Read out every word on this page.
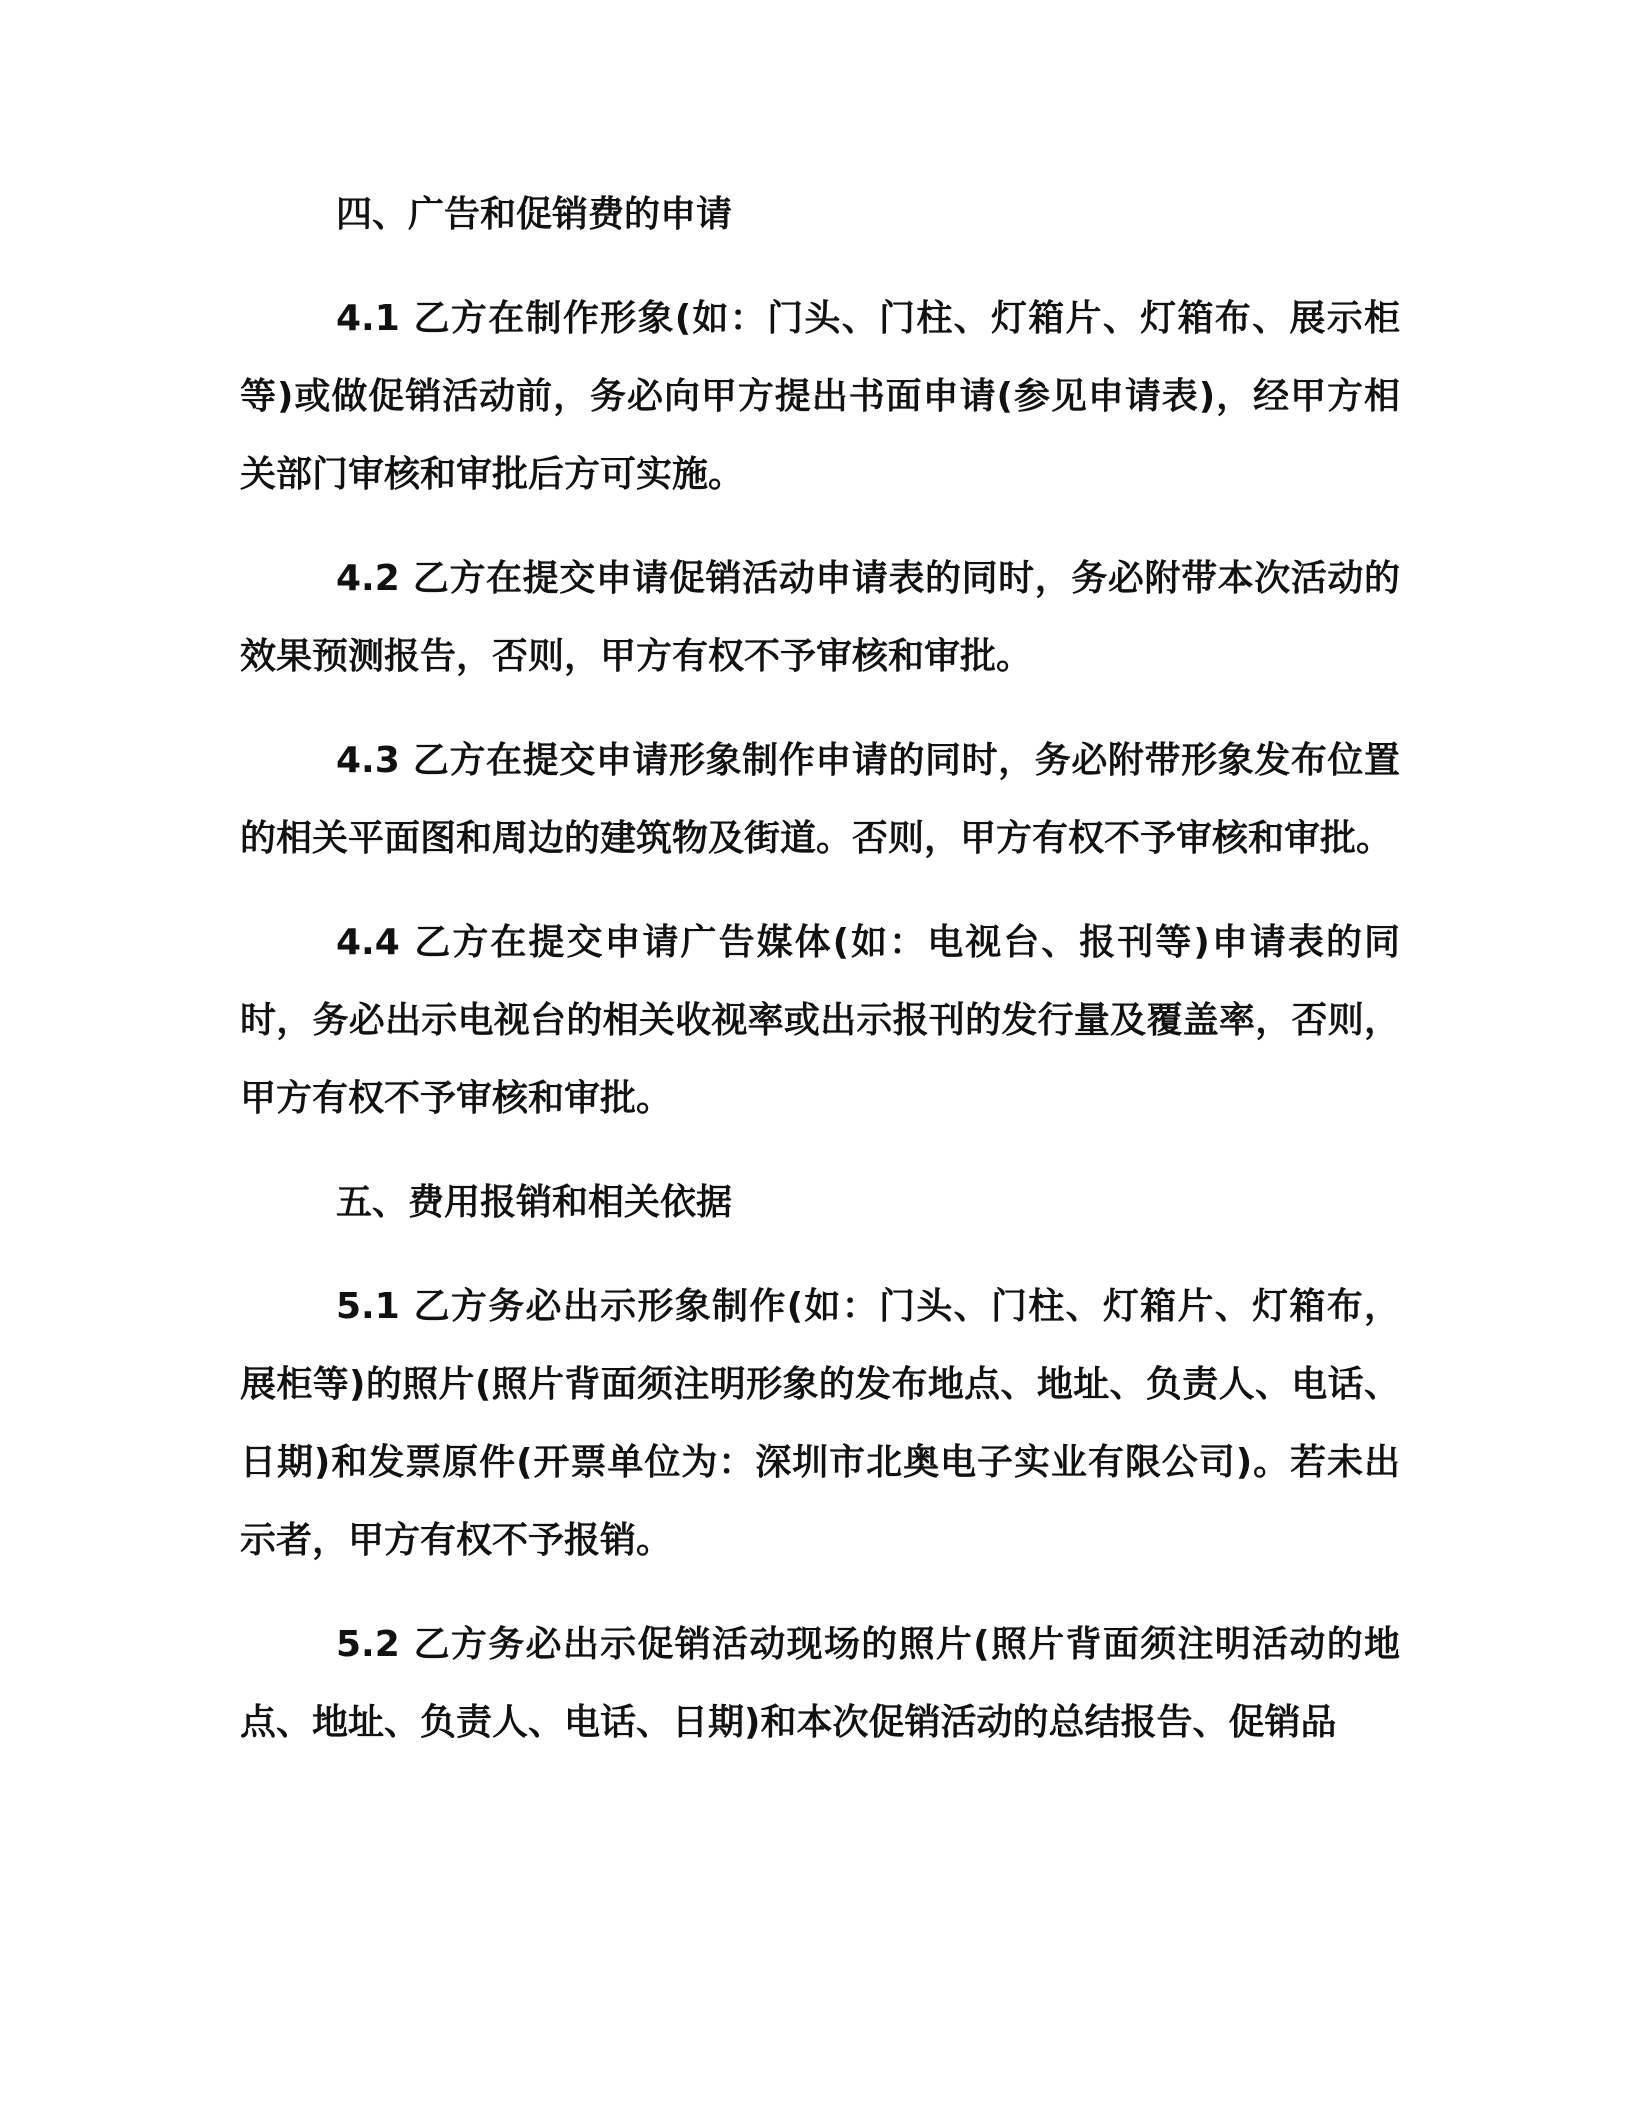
四、广告和促销费的申请
4.1 乙方在制作形象(如：门头、门柱、灯箱片、灯箱布、展示柜等)或做促销活动前，务必向甲方提出书面申请(参见申请表)，经甲方相关部门审核和审批后方可实施。
4.2 乙方在提交申请促销活动申请表的同时，务必附带本次活动的效果预测报告，否则，甲方有权不予审核和审批。
4.3 乙方在提交申请形象制作申请的同时，务必附带形象发布位置的相关平面图和周边的建筑物及街道。否则，甲方有权不予审核和审批。
4.4 乙方在提交申请广告媒体(如：电视台、报刊等)申请表的同时，务必出示电视台的相关收视率或出示报刊的发行量及覆盖率，否则，甲方有权不予审核和审批。
五、费用报销和相关依据
5.1 乙方务必出示形象制作(如：门头、门柱、灯箱片、灯箱布，展柜等)的照片(照片背面须注明形象的发布地点、地址、负责人、电话、日期)和发票原件(开票单位为：深圳市北奥电子实业有限公司)。若未出示者，甲方有权不予报销。
5.2 乙方务必出示促销活动现场的照片(照片背面须注明活动的地点、地址、负责人、电话、日期)和本次促销活动的总结报告、促销品
